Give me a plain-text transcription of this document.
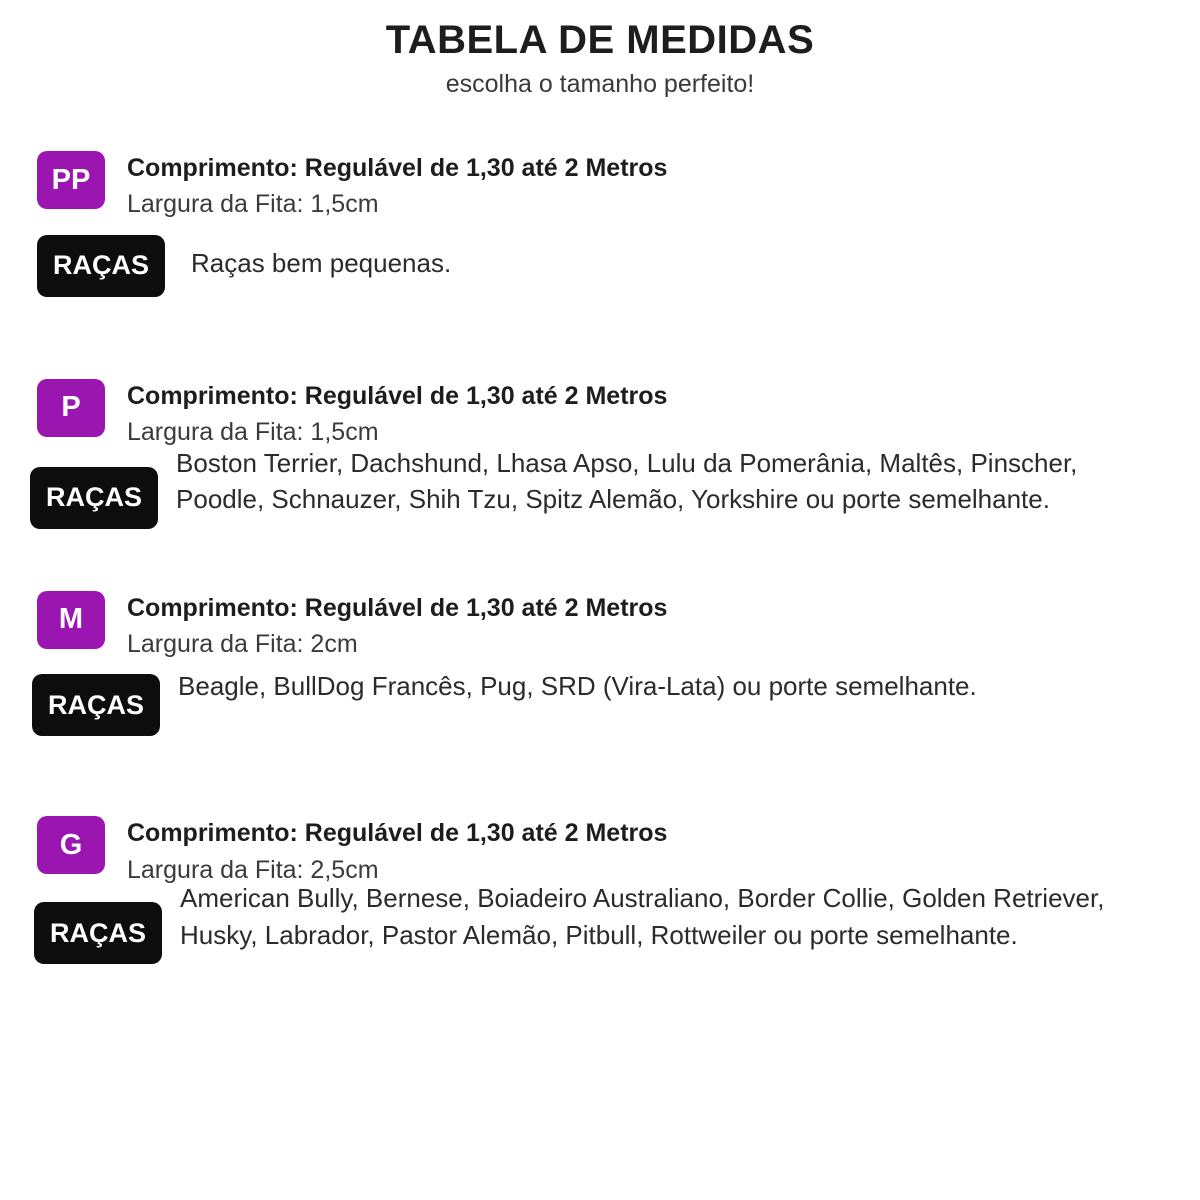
TABELA DE MEDIDAS

escolha o tamanho perfeito!

PP	Comprimento: Regulável de 1,30 até 2 Metros
Largura da Fita: 1,5cm
RAÇAS	Raças bem pequenas.
P	Comprimento: Regulável de 1,30 até 2 Metros
Largura da Fita: 1,5cm
RAÇAS
Boston Terrier, Dachshund, Lhasa Apso, Lulu da Pomerânia, Maltês, Pinscher, Poodle, Schnauzer, Shih Tzu, Spitz Alemão, Yorkshire ou porte semelhante.
M	Comprimento: Regulável de 1,30 até 2 Metros
Largura da Fita: 2cm
RAÇAS
Beagle, BullDog Francês, Pug, SRD (Vira-Lata) ou porte semelhante.
G	Comprimento: Regulável de 1,30 até 2 Metros
Largura da Fita: 2,5cm
RAÇAS
American Bully, Bernese, Boiadeiro Australiano, Border Collie, Golden Retriever, Husky, Labrador, Pastor Alemão, Pitbull, Rottweiler ou porte semelhante.
